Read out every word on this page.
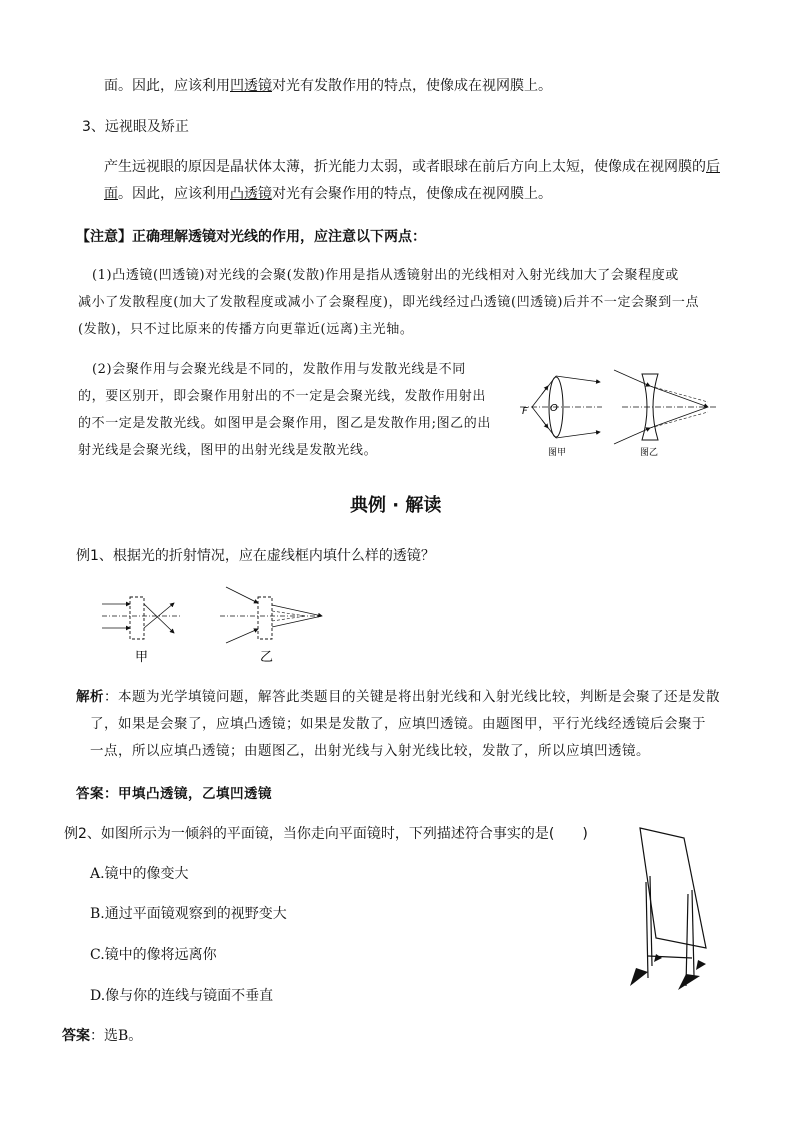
面。因此，应该利用凹透镜对光有发散作用的特点，使像成在视网膜上。
3、远视眼及矫正
产生远视眼的原因是晶状体太薄，折光能力太弱，或者眼球在前后方向上太短，使像成在视网膜的后
面。因此，应该利用凸透镜对光有会聚作用的特点，使像成在视网膜上。
【注意】正确理解透镜对光线的作用，应注意以下两点：
(1)凸透镜(凹透镜)对光线的会聚(发散)作用是指从透镜射出的光线相对入射光线加大了会聚程度或
减小了发散程度(加大了发散程度或减小了会聚程度)，即光线经过凸透镜(凹透镜)后并不一定会聚到一点
(发散)，只不过比原来的传播方向更靠近(远离)主光轴。
(2)会聚作用与会聚光线是不同的，发散作用与发散光线是不同
的，要区别开，即会聚作用射出的不一定是会聚光线，发散作用射出
的不一定是发散光线。如图甲是会聚作用，图乙是发散作用;图乙的出
射光线是会聚光线，图甲的出射光线是发散光线。
F O
图甲	图乙
典例 · 解读
例1、根据光的折射情况，应在虚线框内填什么样的透镜？
甲	乙
解析：本题为光学填镜问题，解答此类题目的关键是将出射光线和入射光线比较，判断是会聚了还是发散
了，如果是会聚了，应填凸透镜；如果是发散了，应填凹透镜。由题图甲，平行光线经透镜后会聚于
一点，所以应填凸透镜；由题图乙，出射光线与入射光线比较，发散了，所以应填凹透镜。
答案：甲填凸透镜，乙填凹透镜
例2、如图所示为一倾斜的平面镜，当你走向平面镜时，下列描述符合事实的是(　　)
A.镜中的像变大
B.通过平面镜观察到的视野变大
C.镜中的像将远离你
D.像与你的连线与镜面不垂直
答案：选B。
